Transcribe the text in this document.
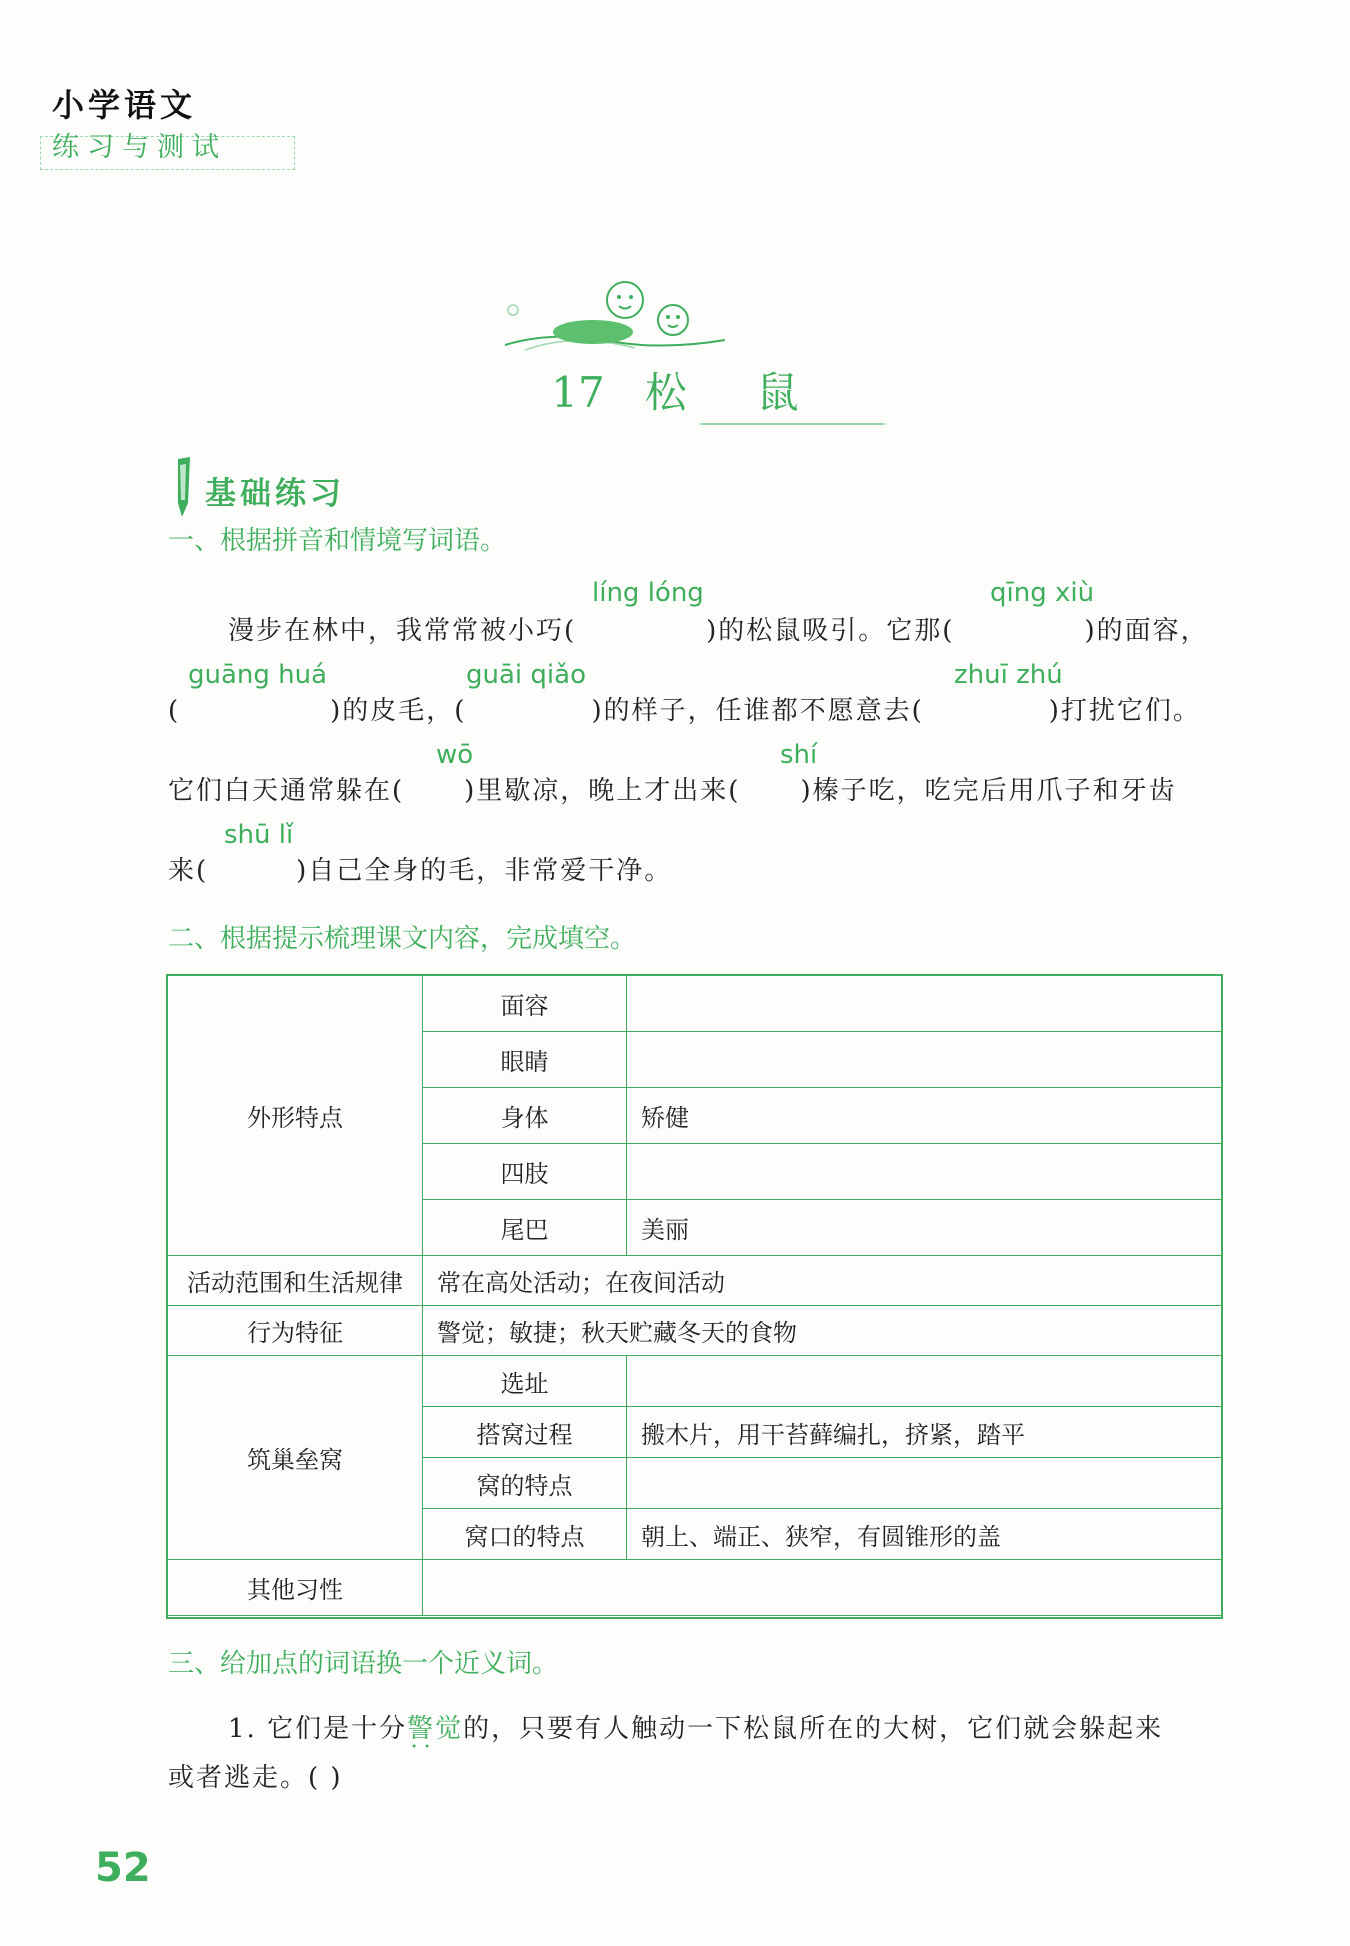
小学语文
练习与测试
17 松 鼠
基础练习
一、根据拼音和情境写词语。
漫步在林中，我常常被小巧(	)的松鼠吸引。它那(	)的面容，
líng lóng	qīng xiù
guāng huá	guāi qiǎo	zhuī zhú
(	)的皮毛，(	)的样子，任谁都不愿意去(	)打扰它们。
wō	shí
它们白天通常躲在( )里歇凉，晚上才出来( )榛子吃，吃完后用爪子和牙齿
shū lǐ
来(	)自己全身的毛，非常爱干净。
二、根据提示梳理课文内容，完成填空。
外形特点	面容	
	眼睛	
	身体	矫健
	四肢	
	尾巴	美丽
活动范围和生活规律	常在高处活动；在夜间活动	
行为特征	警觉；敏捷；秋天贮藏冬天的食物	
筑巢垒窝	选址	
	搭窝过程	搬木片，用干苔藓编扎，挤紧，踏平
	窝的特点	
	窝口的特点	朝上、端正、狭窄，有圆锥形的盖
其他习性		
三、给加点的词语换一个近义词。
1. 它们是十分警觉 • •的，只要有人触动一下松鼠所在的大树，它们就会躲起来
或者逃走。( )
52
